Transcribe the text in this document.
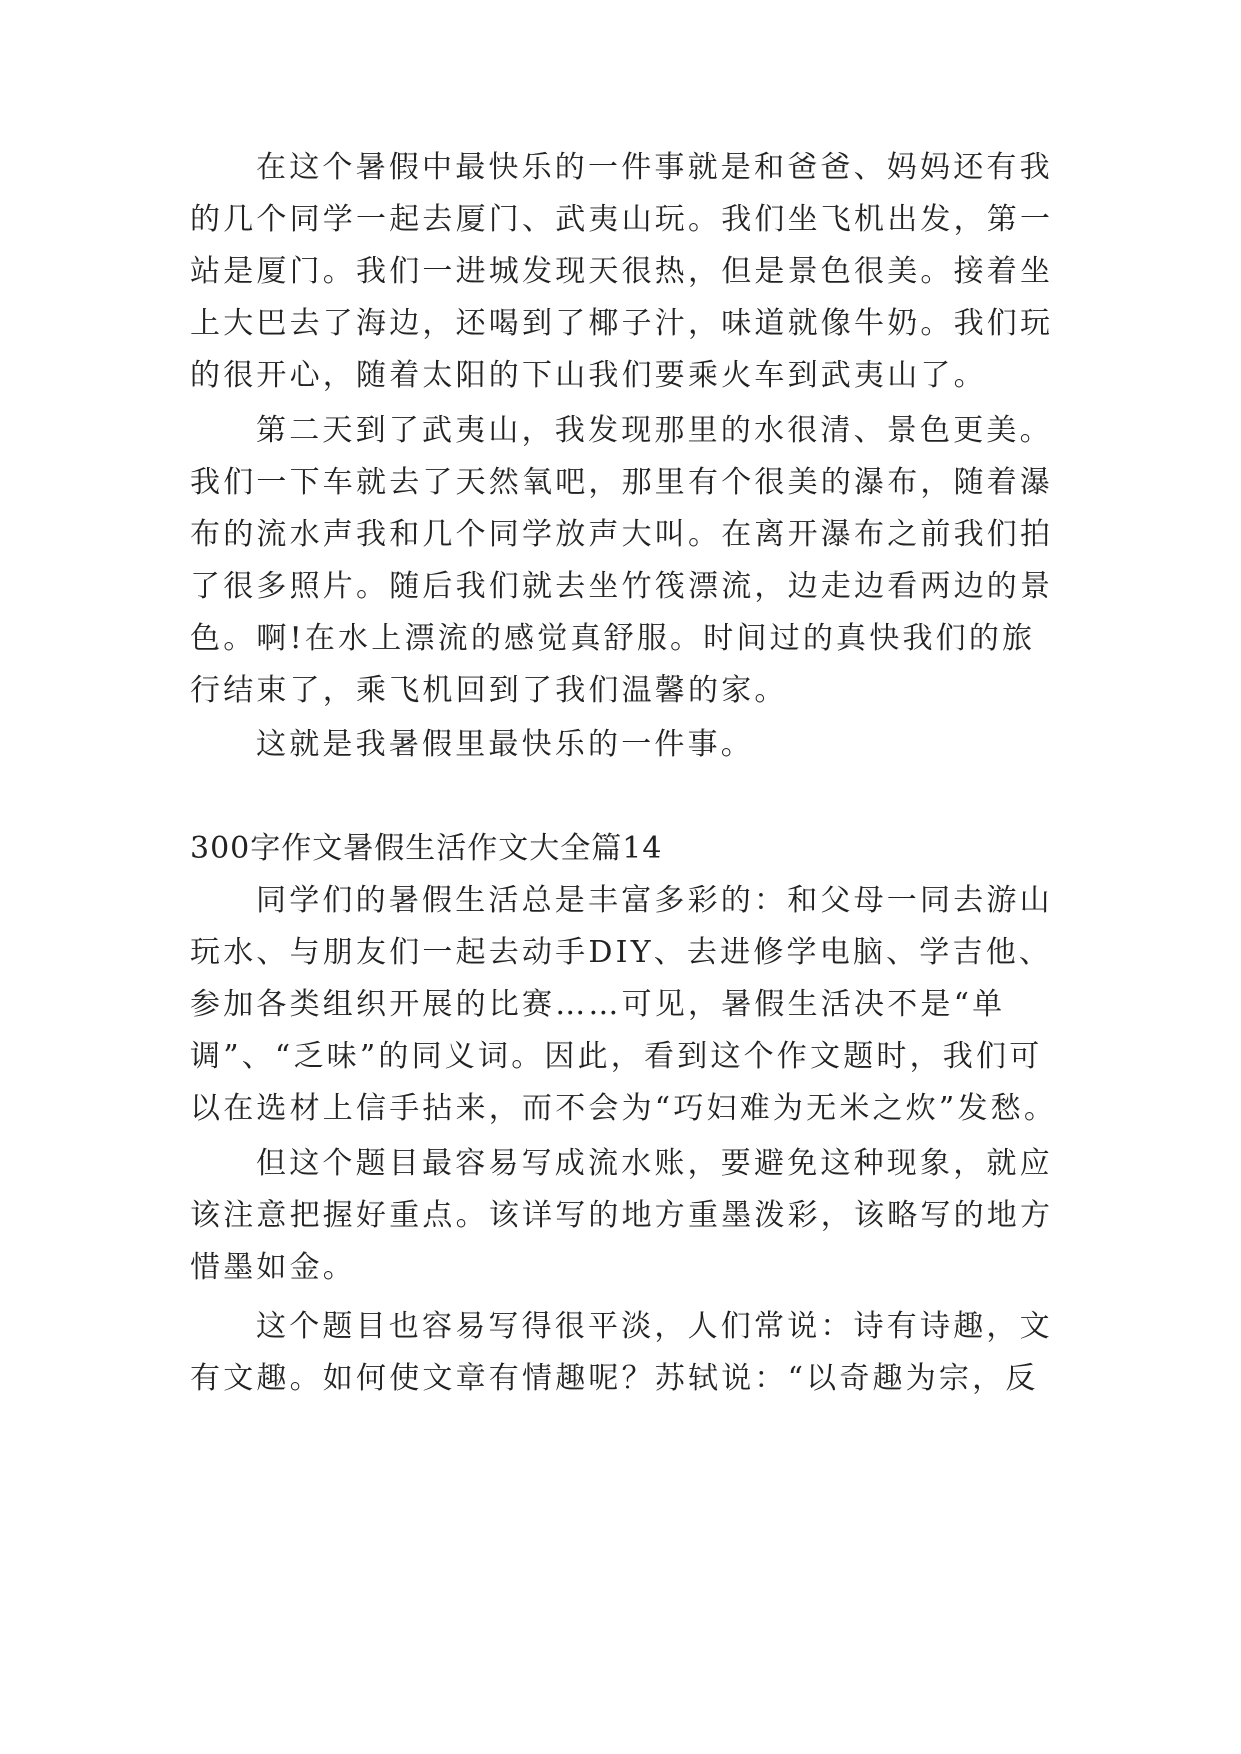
在这个暑假中最快乐的一件事就是和爸爸、妈妈还有我
的几个同学一起去厦门、武夷山玩。我们坐飞机出发，第一
站是厦门。我们一进城发现天很热，但是景色很美。接着坐
上大巴去了海边，还喝到了椰子汁，味道就像牛奶。我们玩
的很开心，随着太阳的下山我们要乘火车到武夷山了。
第二天到了武夷山，我发现那里的水很清、景色更美。
我们一下车就去了天然氧吧，那里有个很美的瀑布，随着瀑
布的流水声我和几个同学放声大叫。在离开瀑布之前我们拍
了很多照片。随后我们就去坐竹筏漂流，边走边看两边的景
色。啊!在水上漂流的感觉真舒服。时间过的真快我们的旅
行结束了，乘飞机回到了我们温馨的家。
这就是我暑假里最快乐的一件事。
300字作文暑假生活作文大全篇14
同学们的暑假生活总是丰富多彩的：和父母一同去游山
玩水、与朋友们一起去动手DIY、去进修学电脑、学吉他、
参加各类组织开展的比赛……可见，暑假生活决不是“单
调”、“乏味”的同义词。因此，看到这个作文题时，我们可
以在选材上信手拈来，而不会为“巧妇难为无米之炊”发愁。
但这个题目最容易写成流水账，要避免这种现象，就应
该注意把握好重点。该详写的地方重墨泼彩，该略写的地方
惜墨如金。
这个题目也容易写得很平淡，人们常说：诗有诗趣，文
有文趣。如何使文章有情趣呢？苏轼说：“以奇趣为宗，反
